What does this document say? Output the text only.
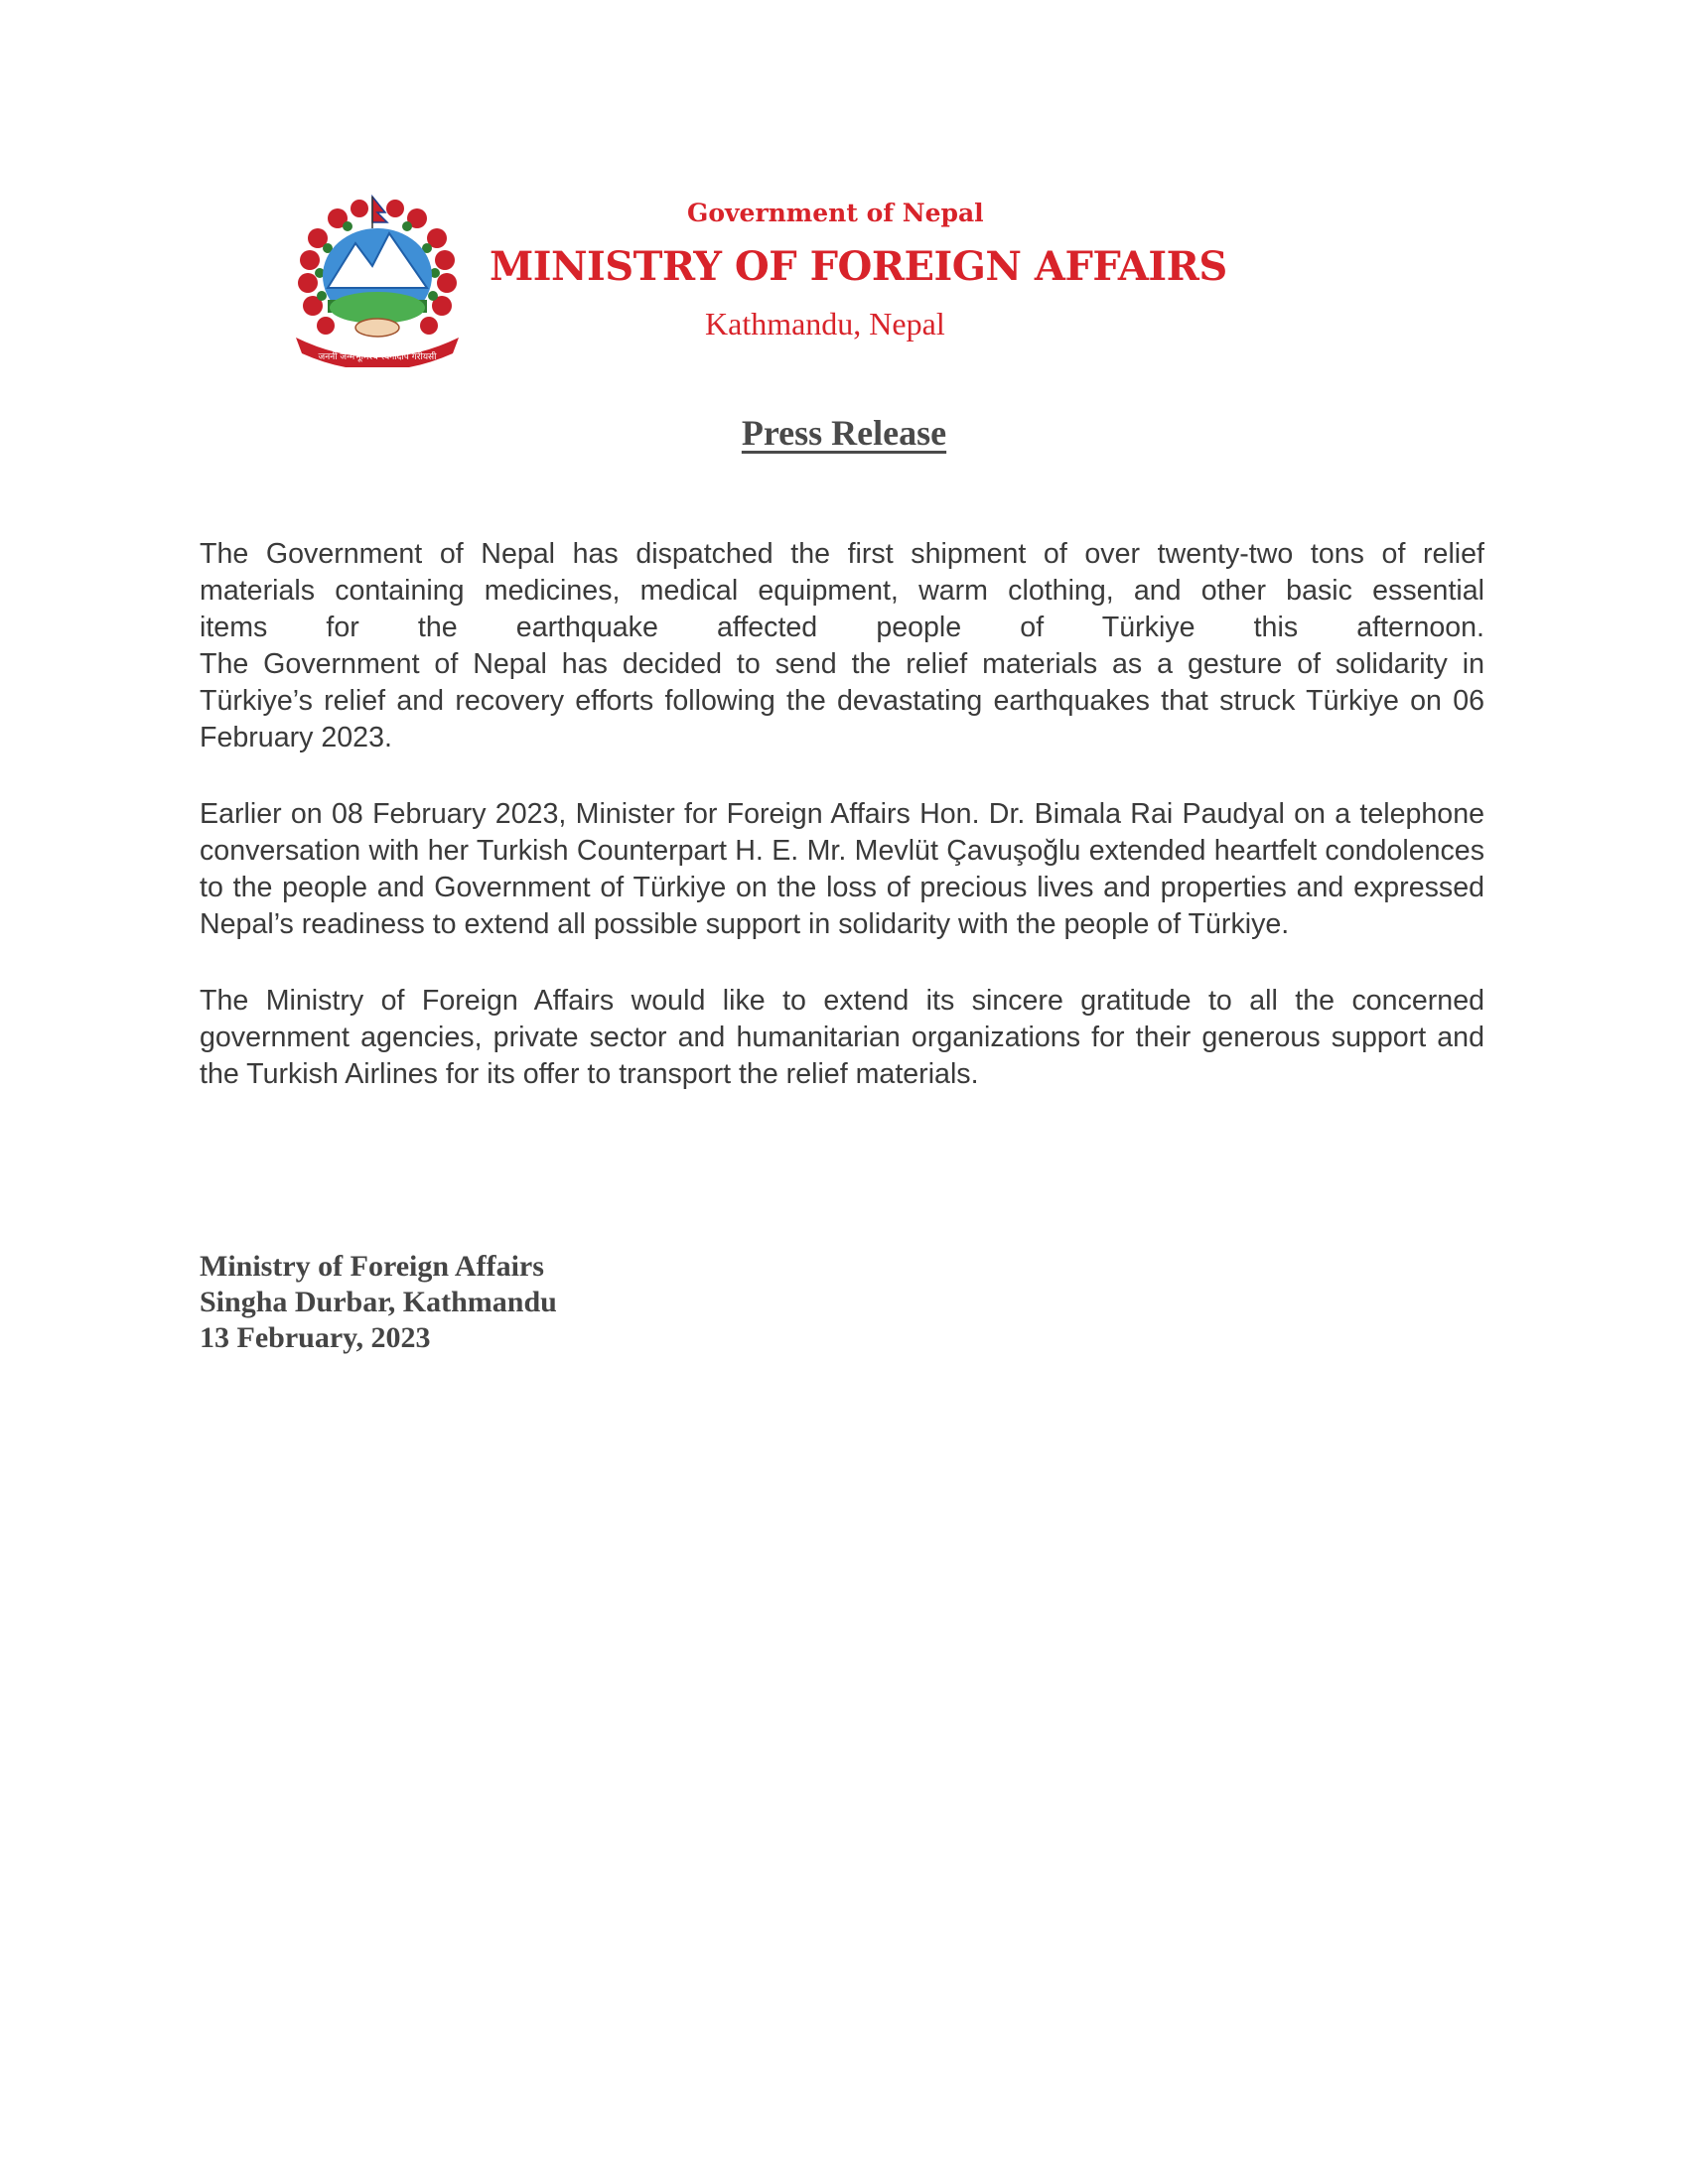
जननी जन्मभूमिश्च स्वर्गादपि गरीयसी
Government of Nepal
MINISTRY OF FOREIGN AFFAIRS
Kathmandu, Nepal
Press Release
The Government of Nepal has dispatched the first shipment of over twenty-two tons of relief
materials containing medicines, medical equipment, warm clothing, and other basic essential
items for the earthquake affected people of Türkiye this afternoon.
The Government of Nepal has decided to send the relief materials as a gesture of solidarity in Türkiye’s relief and recovery efforts following the devastating earthquakes that struck Türkiye on 06 February 2023.

Earlier on 08 February 2023, Minister for Foreign Affairs Hon. Dr. Bimala Rai Paudyal on a telephone conversation with her Turkish Counterpart H. E. Mr. Mevlüt Çavuşoğlu extended heartfelt condolences to the people and Government of Türkiye on the loss of precious lives and properties and expressed Nepal’s readiness to extend all possible support in solidarity with the people of Türkiye.

The Ministry of Foreign Affairs would like to extend its sincere gratitude to all the concerned government agencies, private sector and humanitarian organizations for their generous support and the Turkish Airlines for its offer to transport the relief materials.

Ministry of Foreign Affairs
Singha Durbar, Kathmandu
13 February, 2023
